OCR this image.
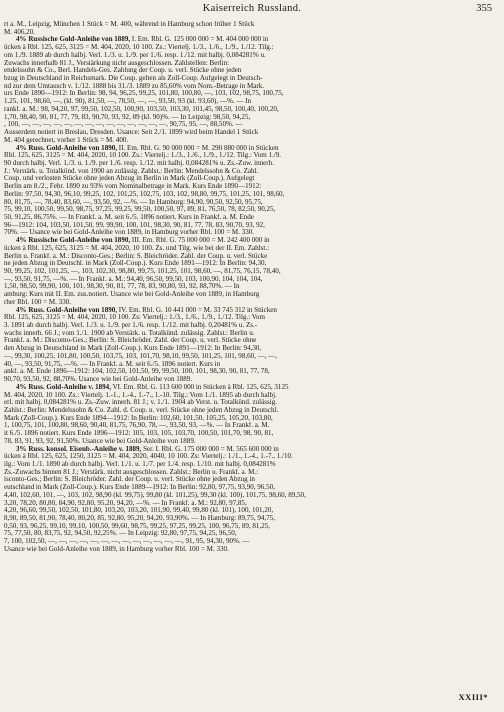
Kaiserreich Russland.	355
rt a. M., Leipzig, München 1 Stück = M. 400, während in Hamburg schon früher 1 Stück
M. 406,20.
4% Russische Gold-Anleihe von 1889, I. Em. Rbl. G. 125 000 000 = M. 404 000 000 in
ücken à Rbl. 125, 625, 3125 = M. 404, 2020, 10 100. Zs.: Viertelj. 1./3., 1./6., 1./9., 1./12. Tilg.:
om 1./9. 1889 ab durch halbj. Verl. 1./3. u. 1./9. per 1./6. resp. 1./12. mit halbj. 0,084281% u.
Zuwachs innerhalb 81 J., Verstärkung nicht ausgeschlossen. Zahlstellen: Berlin:
endelssohn & Co., Berl. Handels-Ges. Zahlung der Coup. u. verl. Stücke ohne jeden
bzug in Deutschland in Reichsmark. Die Coup. gelten als Zoll-Coup. Aufgelegt in Deutsch-
nd zur dem Umtausch v. 1./12. 1888 bis 31./3. 1889 zu 85,60% vom Nom.-Betrage in Mark.
urs Ende 1890—1912: In Berlin: 98, 94, 96,25, 99,25, 101,80, 100,80, —, 103, 102, 98,75, 100,75,
1.25, 101, 98,60, —, (kl. 90), 81,50, —, 78,50, —, —, 93,50, 93 (kl. 93,60), —%. — In
rankf. a. M.: 98, 94,20, 97, 99,50, 102,50, 100,90, 103,50, 103,30, 101,45, 98,50, 100,40, 100,20,
1,70, 98,40, 90, 81, 77, 79, 83, 90,70, 93, 92, 89 (kl. 90)%. — In Leipzig: 98,50, 94,25,
, 100, —, —, —, —, —, —, —, —, —, —, —, —, —, —, 90,75, 95, —, 88,50%. —
Ausserdem notiert in Breslau, Dresden. Usance: Seit 2./1. 1899 wird beim Handel 1 Stück
M. 404 gerechnet, vorher 1 Stück = M. 400.
4% Russ. Gold-Anleihe von 1890, II. Em. Rbl. G. 90 000 000 = M. 290 880 000 in Stücken
Rbl. 125, 625, 3125 = M. 404, 2020, 10 100. Zs.: Viertelj.: 1./3., 1./6., 1./9., 1./12. Tilg.: Vom 1./9.
90 durch halbj. Verl. 1./3. u. 1./9. per 1./6. resp. 1./12. mit halbj. 0,084281% u. Zs.-Zuw. innerh.
J.: Verstärk. u. Totalkünd. von 1900 an zulässig. Zahlst.: Berlin: Mendelssohn & Co. Zahl.
Coup. und verlosten Stücke ohne jeden Abzug in Berlin in Mark (Zoll-Coup.). Aufgelegt
Berlin am 8./2., Febr. 1890 zu 93% vom Nominalbetrage in Mark. Kurs Ende 1890—1912:
Berlin: 97,50, 94,30, 96,10, 99,25, 102, 101,25, 102,75, 103, 102, 98,80, 99,75, 101,25, 101, 98,60,
80, 81,75, —, 78,40, 83,60, —, 93,50, 92, —%. — In Hamburg: 94,90, 90,50, 92,50, 95,75,
75, 99,10, 100,50, 99,50, 98,75, 97,25, 99,25, 99,50, 100,50, 97, 89, 81, 76,50, 78, 82,50, 90,25,
50, 91,25, 86,75%. — In Frankf. a. M. seit 6./5. 1896 notiert. Kurs in Frankf. a. M. Ende
96—1912: 104, 103,50, 101,50, 99, 99,90, 100, 101, 98,30, 90, 81, 77, 78, 83, 90,70, 93, 92,
70%. — Usance wie bei Gold-Anleihe von 1889, in Hamburg vorher Rbl. 100 = M. 330.
4% Russische Gold-Anleihe von 1890, III. Em. Rbl. G. 75 000 000 = M. 242 400 000 in
ücken à Rbl. 125, 625, 3125 = M. 404, 2020, 10 100. Zs. und Tilg. wie bei der II. Em. Zahlst.:
Berlin u. Frankf. a. M.: Disconto-Ges.; Berlin: S. Bleichröder. Zahl. der Coup. u. verl. Stücke
ne jeden Abzug in Deutschl. in Mark (Zoll-Coup.). Kurs Ende 1891—1912: In Berlin: 94,30,
90, 99,25, 102, 101,25, —, 103, 102,30, 98,80, 99,75, 101,25, 101, 98,60, —, 81,75, 76,15, 78,40,
—, 93,50, 91,75, —%. — In Frankf. a. M.: 94,40, 96,50, 99,50, 103, 100,90, 104, 104, 104,
1,50, 98,50, 99,90, 100, 101, 98,30, 90, 81, 77, 78, 83, 90,80, 93, 92, 88,70%. — In
amburg: Kurs mit II. Em. zus.notiert. Usance wie bei Gold-Anleihe von 1889, in Hamburg
rher Rbl. 100 = M. 330.
4% Russ. Gold-Anleihe von 1890, IV. Em. Rbl. G. 10 441 000 = M. 33 745 312 in Stücken
Rbl. 125, 625, 3125 = M. 404, 2020, 10 100. Zs: Viertelj.: 1./3., 1./6., 1./9., 1./12. Tilg.: Vom
3. 1891 ab durch halbj. Verl. 1./3. u. 1./9. per 1./6. resp. 1./12. mit halbj. 0,20481% u. Zs.-
wachs innerh. 66 J.; vom 1./1. 1900 ab Verstärk. u. Totalkünd. zulässig. Zahlst.: Berlin u.
Frankf. a. M.: Disconto-Ges.; Berlin: S. Bleichröder. Zahl. der Coup. u. verl. Stücke ohne
den Abzug in Deutschland in Mark (Zoll-Coup.). Kurs Ende 1891—1912: In Berlin: 94,30,
—, 99,30, 100,25, 101,80, 100,50, 103,75, 103, 101,70, 98,10, 99,50, 101,25, 101, 98,60, —, —,
40, —, 93,50, 91,75, —%. — In Frankf. a. M. seit 6./5. 1896 notiert. Kurs in
ankf. a. M. Ende 1896—1912: 104, 102,50, 101,50, 99, 99,50, 100, 101, 98,30, 90, 81, 77, 78,
90,70, 93,50, 92, 88,70%. Usance wie bei Gold-Anleihe von 1889.
4% Russ. Gold-Anleihe v. 1894, VI. Em. Rbl. G. 113 600 000 in Stücken à Rbl. 125, 625, 3125
M. 404, 2020, 10 100. Zs.: Viertelj. 1.-1., 1.-4., 1.-7., 1.-10. Tilg.: Vom 1./1. 1895 ab durch halbj.
erl. mit halbj. 0,084281% u. Zs.-Zuw. innerh. 81 J.; v. 1./1. 1904 ab Verst. u. Totalkünd. zulässig.
Zahlst.: Berlin: Mendelssohn & Co. Zahl. d. Coup. u. verl. Stücke ohne jeden Abzug in Deutschl.
Mark (Zoll-Coup.). Kurs Ende 1894—1912: In Berlin: 102,60, 101,50, 105,25, 105,20, 103,80,
1, 100,75, 101, 100,80, 98,60, 90,40, 81,75, 76,90, 78, —, 93,50, 93, —%. — In Frankf. a. M.
it 6./5. 1896 notiert. Kurs Ende 1896—1912: 105, 103, 105, 103,70, 100,50, 101,70, 98, 90, 81,
78, 83, 91, 93, 92, 91,50%. Usance wie bei Gold-Anleihe von 1889.
3% Russ. konsol. Eisenb.-Anleihe v. 1889, Ser. I. Rbl. G. 175 000 000 = M. 565 600 000 in
ücken à Rbl. 125, 625, 1250, 3125 = M. 404, 2020, 4040, 10 100. Zs: Viertelj.: 1./1., 1.-4., 1.-7., 1./10.
ilg.: Vom 1./1. 1890 ab durch halbj. Verl. 1./1. u. 1./7. per 1./4. resp. 1./10. mit halbj. 0,084281%
Zs.-Zuwachs binnen 81 J.; Verstärk. nicht ausgeschlossen. Zahlst.: Berlin u. Frankf. a. M.:
isconto-Ges.; Berlin: S. Bleichröder. Zahl. der Coup. u. verl. Stücke ohne jeden Abzug in
eutschland in Mark (Zoll-Coup.). Kurs Ende 1889—1912: In Berlin: 92,80, 97,75, 93,90, 96,50,
4,40, 102,60, 101, —, 103, 102, 98,90 (kl. 99,75), 99,80 (kl. 101,25), 99,30 (kl. 100), 101,75, 98,60, 89,50,
3,20, 78,20, 80,80, 84,90, 92,80, 95,20, 94,20, —%. — In Frankf. a. M.: 92,80, 97,85,
4,20, 96,60, 99,50, 102,50, 101,80, 103,20, 103,20, 101,90, 99,40, 99,80 (kl. 101), 100, 101,20,
8,90, 89,50, 81,90, 78,40, 80,20, 85, 92,80, 95,20, 94,20, 93,90%. — In Hamburg: 89,75, 94,75,
0,50, 93, 96,25, 99,10, 99,10, 100,50, 99,60, 98,75, 99,25, 97,25, 99,25, 100, 96,75, 89, 81,25,
75, 77,50, 80, 83,75, 92, 94,50, 92,25%. — In Leipzig: 92,80, 97,75, 94,25, 96,50,
7, 100, 102,50, —, —, —, —, —, —, —, —, —, —, —, —, —, 91, 95, 94,30, 90%. —
Usance wie bei Gold-Anleihe von 1889, in Hamburg vorher Rbl. 100 = M. 330.
XXIII*
